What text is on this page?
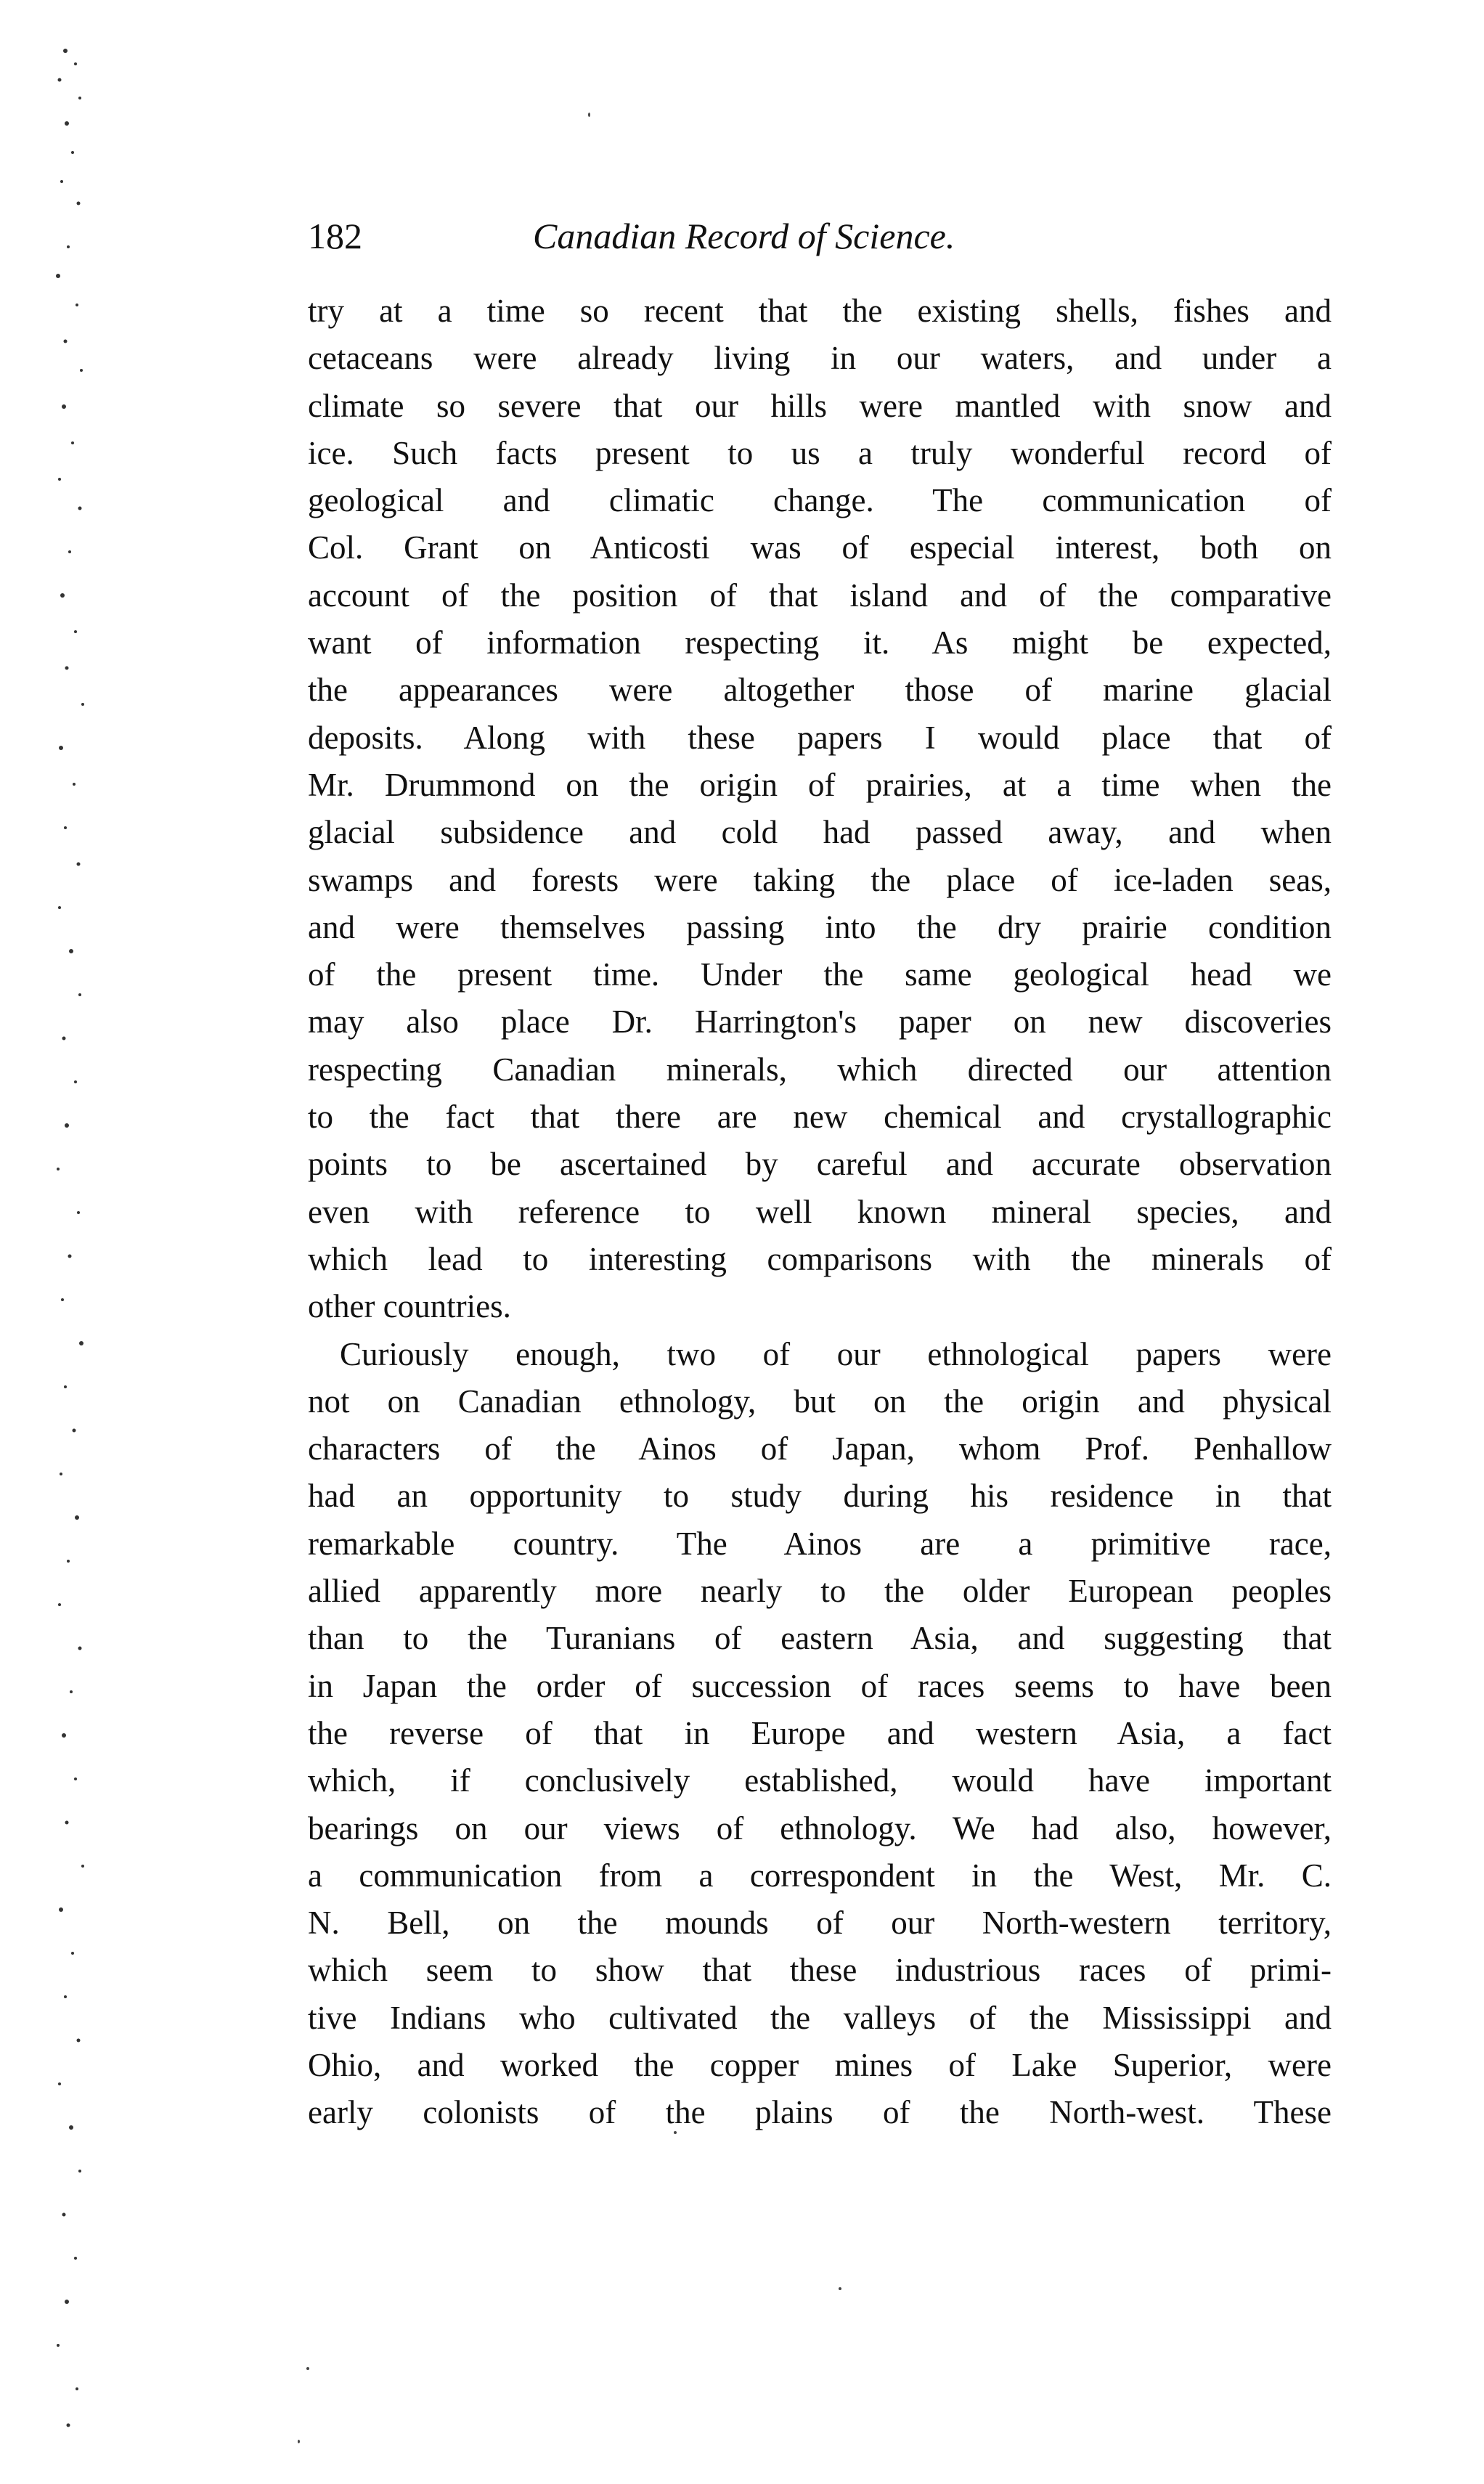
182	Canadian Record of Science.
try at a time so recent that the existing shells, fishes and
cetaceans were already living in our waters, and under a
climate so severe that our hills were mantled with snow and
ice. Such facts present to us a truly wonderful record of
geological and climatic change. The communication of
Col. Grant on Anticosti was of especial interest, both on
account of the position of that island and of the comparative
want of information respecting it. As might be expected,
the appearances were altogether those of marine glacial
deposits. Along with these papers I would place that of
Mr. Drummond on the origin of prairies, at a time when the
glacial subsidence and cold had passed away, and when
swamps and forests were taking the place of ice-laden seas,
and were themselves passing into the dry prairie condition
of the present time. Under the same geological head we
may also place Dr. Harrington's paper on new discoveries
respecting Canadian minerals, which directed our attention
to the fact that there are new chemical and crystallographic
points to be ascertained by careful and accurate observation
even with reference to well known mineral species, and
which lead to interesting comparisons with the minerals of
other countries.
Curiously enough, two of our ethnological papers were
not on Canadian ethnology, but on the origin and physical
characters of the Ainos of Japan, whom Prof. Penhallow
had an opportunity to study during his residence in that
remarkable country. The Ainos are a primitive race,
allied apparently more nearly to the older European peoples
than to the Turanians of eastern Asia, and suggesting that
in Japan the order of succession of races seems to have been
the reverse of that in Europe and western Asia, a fact
which, if conclusively established, would have important
bearings on our views of ethnology. We had also, however,
a communication from a correspondent in the West, Mr. C.
N. Bell, on the mounds of our North-western territory,
which seem to show that these industrious races of primi-
tive Indians who cultivated the valleys of the Mississippi and
Ohio, and worked the copper mines of Lake Superior, were
early colonists of the plains of the North-west. These
